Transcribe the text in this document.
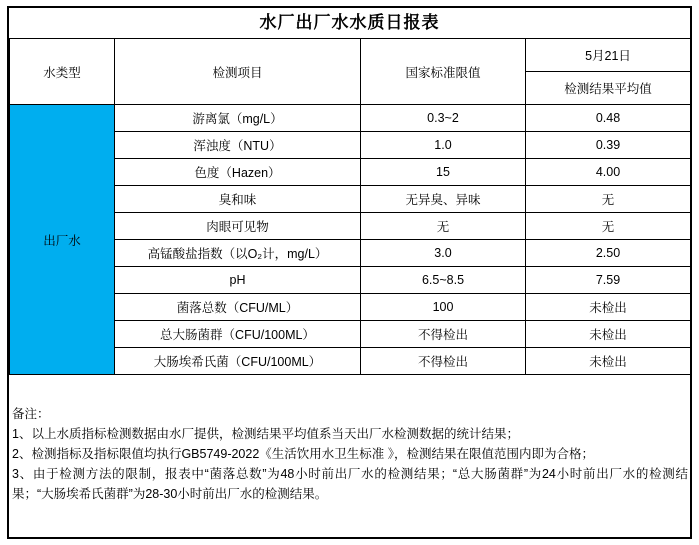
水厂出厂水水质日报表
水类型	检测项目	国家标准限值	5月21日
			检测结果平均值
出厂水	游离氯（mg/L）	0.3~2	0.48
	浑浊度（NTU）	1.0	0.39
	色度（Hazen）	15	4.00
	臭和味	无异臭、异味	无
	肉眼可见物	无	无
	高锰酸盐指数（以O₂计，mg/L）	3.0	2.50
	pH	6.5~8.5	7.59
	菌落总数（CFU/ML）	100	未检出
	总大肠菌群（CFU/100ML）	不得检出	未检出
	大肠埃希氏菌（CFU/100ML）	不得检出	未检出

备注：

1、以上水质指标检测数据由水厂提供，检测结果平均值系当天出厂水检测数据的统计结果；

2、检测指标及指标限值均执行GB5749-2022《生活饮用水卫生标准 》，检测结果在限值范围内即为合格；

3、由于检测方法的限制，报表中“菌落总数”为48小时前出厂水的检测结果；“总大肠菌群”为24小时前出厂水的检测结果；“大肠埃希氏菌群”为28-30小时前出厂水的检测结果。
